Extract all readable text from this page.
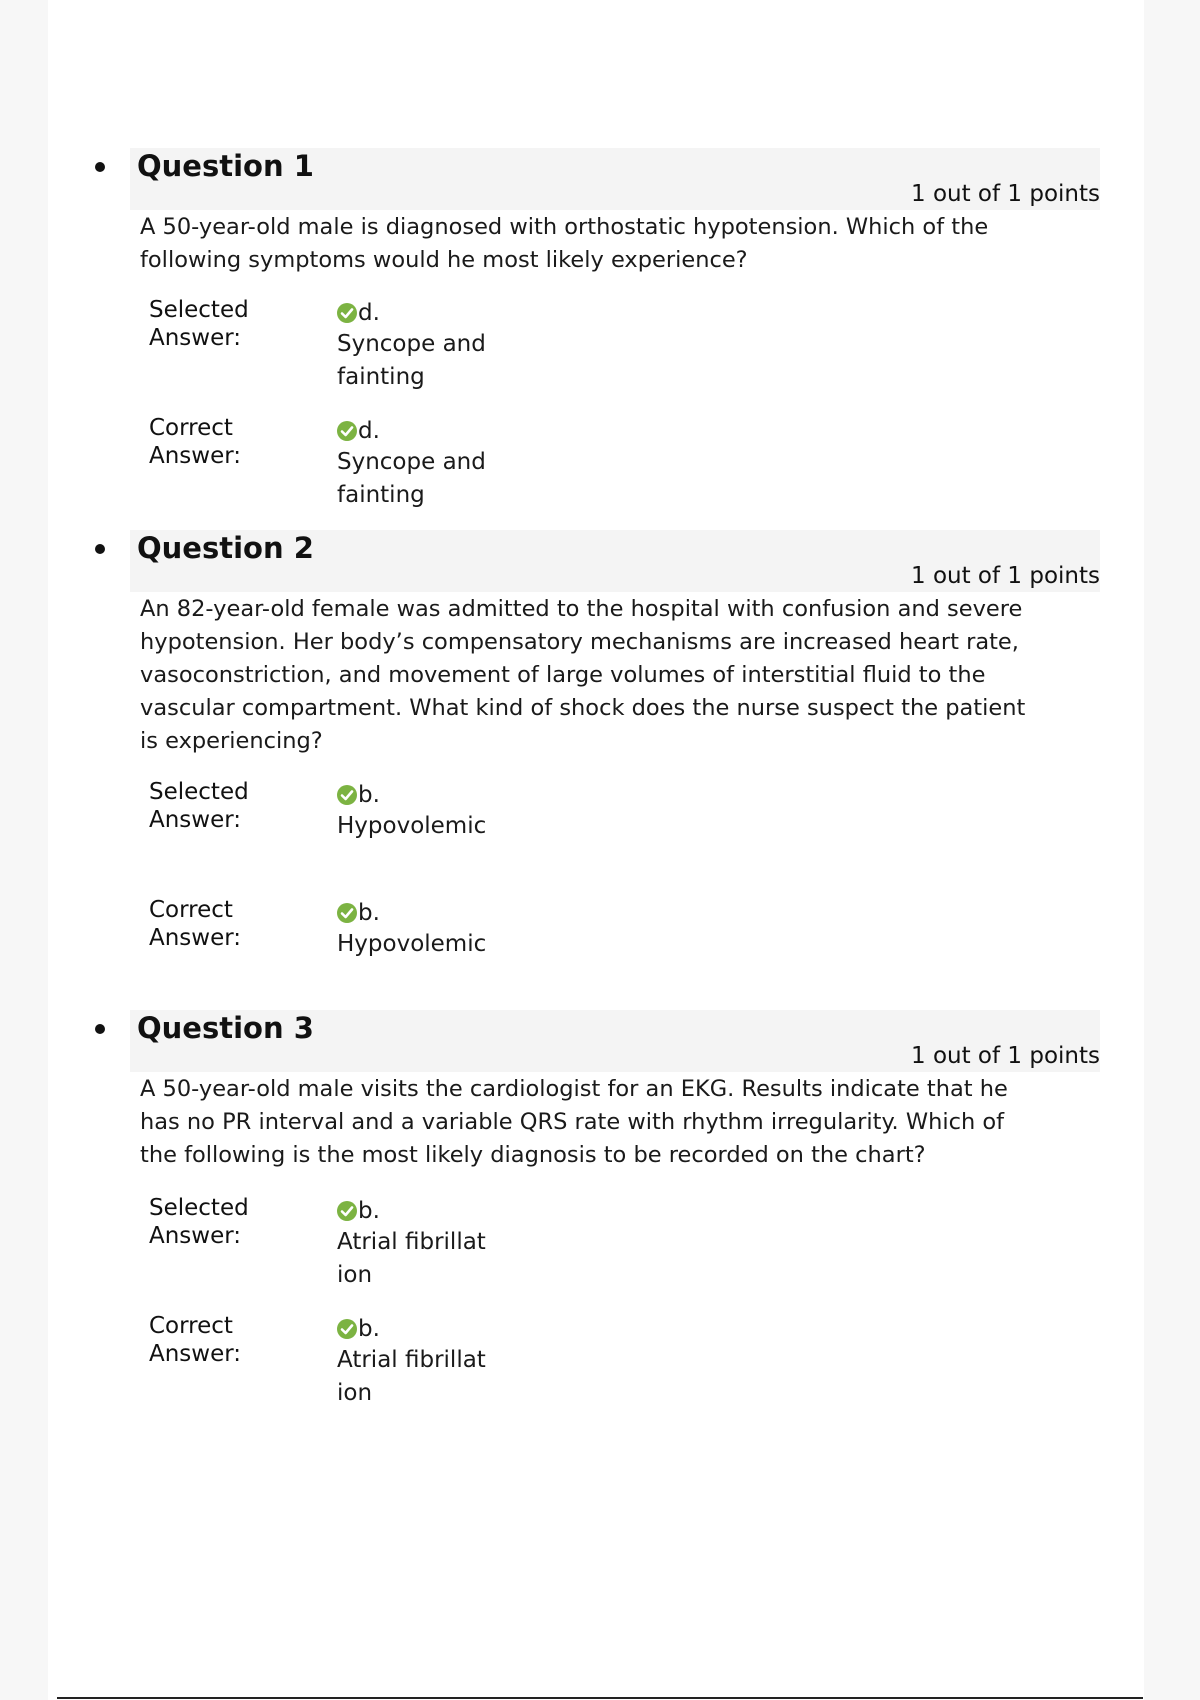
Question 1
1 out of 1 points
A 50-year-old male is diagnosed with orthostatic hypotension. Which of the following symptoms would he most likely experience?
Selected Answer:
d.
Syncope and fainting
Correct Answer:
d.
Syncope and fainting
Question 2
1 out of 1 points
An 82-year-old female was admitted to the hospital with confusion and severe hypotension. Her body’s compensatory mechanisms are increased heart rate, vasoconstriction, and movement of large volumes of interstitial fluid to the vascular compartment. What kind of shock does the nurse suspect the patient is experiencing?
Selected Answer:
b.
Hypovolemic
Correct Answer:
b.
Hypovolemic
Question 3
1 out of 1 points
A 50-year-old male visits the cardiologist for an EKG. Results indicate that he has no PR interval and a variable QRS rate with rhythm irregularity. Which of the following is the most likely diagnosis to be recorded on the chart?
Selected Answer:
b.
Atrial fibrillation
Correct Answer:
b.
Atrial fibrillation
